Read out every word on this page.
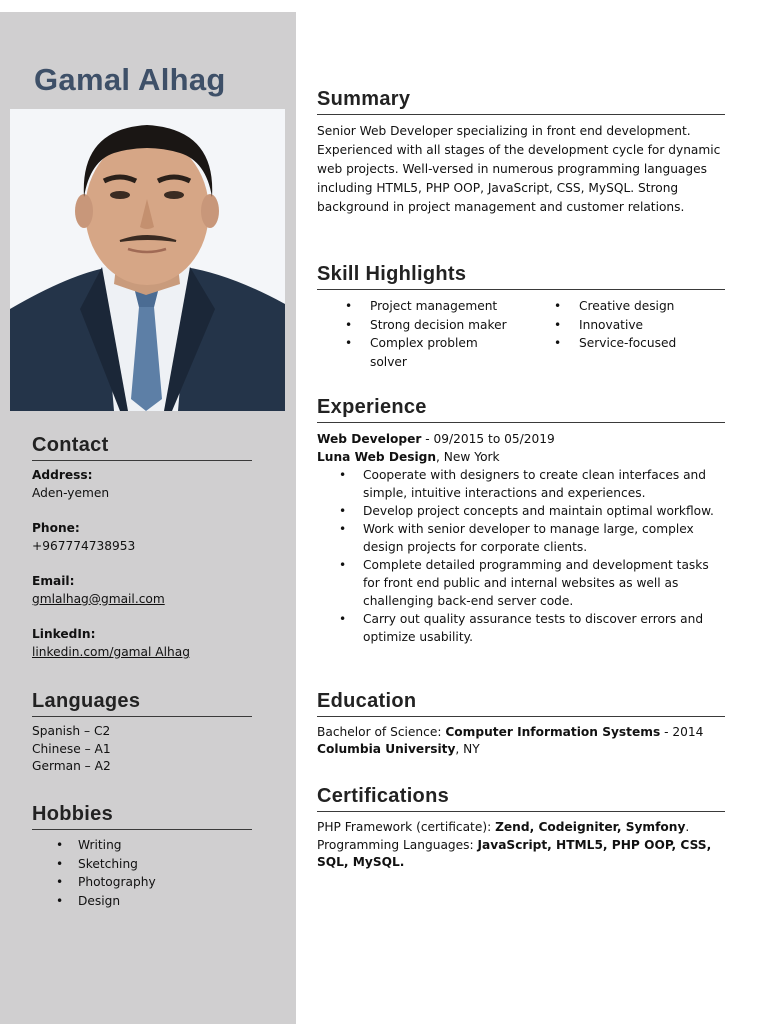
Gamal Alhag
Contact
Address:
Aden-yemen
Phone:
+967774738953
Email:
gmlalhag@gmail.com
LinkedIn:
linkedin.com/gamal Alhag
Languages
Spanish – C2
Chinese – A1
German – A2
Hobbies
• Writing
• Sketching
• Photography
• Design
Summary
Senior Web Developer specializing in front end development. Experienced with all stages of the development cycle for dynamic web projects. Well-versed in numerous programming languages including HTML5, PHP OOP, JavaScript, CSS, MySQL. Strong background in project management and customer relations.
Skill Highlights
• Project management
• Strong decision maker
• Complex problem solver
• Creative design
• Innovative
• Service-focused
Experience
Web Developer - 09/2015 to 05/2019
Luna Web Design, New York
• Cooperate with designers to create clean interfaces and simple, intuitive interactions and experiences.
• Develop project concepts and maintain optimal workflow.
• Work with senior developer to manage large, complex design projects for corporate clients.
• Complete detailed programming and development tasks for front end public and internal websites as well as challenging back-end server code.
• Carry out quality assurance tests to discover errors and optimize usability.
Education
Bachelor of Science: Computer Information Systems - 2014
Columbia University, NY
Certifications
PHP Framework (certificate): Zend, Codeigniter, Symfony.
Programming Languages: JavaScript, HTML5, PHP OOP, CSS, SQL, MySQL.
